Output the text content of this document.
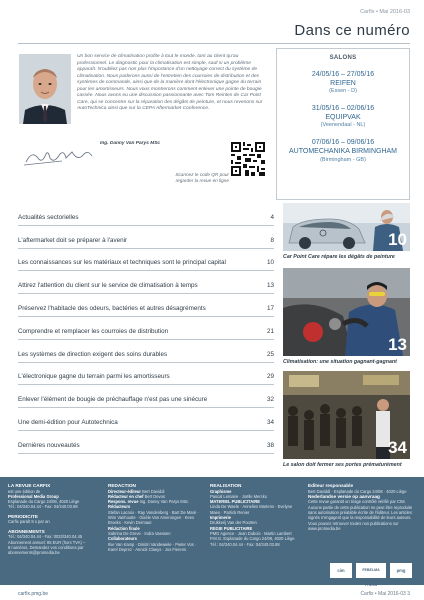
Carfix • Mai 2016-03
Dans ce numéro
Un bon service de climatisation profite à tout le monde, tant au client qu'au professionnel. Le diagnostic pour la climatisation est simple, sauf si un problème apparaît. N'oubliez pas non plus l'importance d'un nettoyage correct du système de climatisation. Nous parlerons aussi de l'entretien des courroies de distribution et des systèmes de commande, ainsi que de la manière dont l'électronique gagne du terrain pour les amortisseurs. Nous vous montrerons comment enlever une pointe de bougie cassée. Nous avons eu une discussion passionnante avec Tom Reintes de Car Point Care, qui se concentre sur la réparation des dégâts de peinture, et nous revenons sur AutoTechnica ainsi que sur la CEPA Aftermarket Conference.
Ing. Danny Van Parys MSc
Scannez le code QR pour regarder la revue en ligne
SALONS
24/05/16 – 27/05/16
REIFEN
(Essen - D)
31/05/16 – 02/06/16
EQUIPVAK
(Veenendaal - NL)
07/06/16 – 09/06/16
AUTOMECHANIKA BIRMINGHAM
(Birmingham - GB)
Actualités sectorielles	4
L'aftermarket doit se préparer à l'avenir	8
Les connaissances sur les matériaux et techniques sont le principal capital	10
Attirez l'attention du client sur le service de climatisation à temps	13
Préservez l'habitacle des odeurs, bactéries et autres désagréments	17
Comprendre et remplacer les courroies de distribution	21
Les systèmes de direction exigent des soins durables	25
L'électronique gagne du terrain parmi les amortisseurs	29
Enlever l'élément de bougie de préchauffage n'est pas une sinécure	32
Une demi-édition pour Autotechnica	34
Dernières nouveautés	38
10
Car Point Care répare les dégâts de peinture
13
Climatisation: une situation gagnant-gagnant
34
Le salon doit fermer ses portes prématurément
LA REVUE CARFIX
est une édition de
Professional Media Group
Esplanade du Cargo 24/08, 4020 Liège
Tél.: 04/340.04.44 - Fax: 04/340.03.88
PERIODICITE
Carfix paraît 8 x par an
ABONNEMENTS
Tél.: 04/340.04.44 - Fax: 0032/340.04.45
Abonnement annuel: 85 EUR (hors TVA) –
8 numéros. Demandez vos conditions par
abonnements@promedia.be
REDACTION
Directeur-éditeur Bert Daviddi
Rédacteur en chef Bert Devos
Respons. revue Ing. Danny Van Parys MSc
Rédacteurs
Stefan Lacroix · Ray Vandenberg · Bart De Maré · Wim Vanhoutte · Gisèle Van Amerongen · Kees Broeks · Kevin Dermaut
Rédaction finale
Sabrina De Greve · Indra Vaessen
Collaborateurs
Ilse Van Kamp · Dimitri Vandewiele · Pieter Vos · Karel Deprez · Annick Claeys · Jos Fierens
REALISATION
Graphisme
Pascal Lemaire · Joëlle Merckx
MATERIEL PUBLICITAIRE
Linda De Waele · Annelies Martens · Evelyne Maes · Patrick Renier
Imprimerie
Drukkerij Van der Poorten
REGIE PUBLICITAIRE
PMG Agence · Jean Dubois · Martin Lambert
P.M.G. Esplanade du Cargo 24/08, 4020 Liège
Tél.: 04/340.04.44 - Fax: 04/340.03.88
Editeur responsable
Bert Daviddi · Esplanade du Cargo 24/08 · 4020 Liège
Nederlandse versie op aanvraag
Cette revue garantit un tirage contrôlé vérifié par CIM. Aucune partie de cette publication ne peut être reproduite sans autorisation préalable écrite de l'éditeur. Les articles signés n'engagent que la responsabilité de leurs auteurs.
Vous pouvez retrouver toutes nos publications sur www.promedia.be
cim	FEBELMA PRESS
pmg
carfix.pmg.be	Carfix • Mai 2016-03 3
